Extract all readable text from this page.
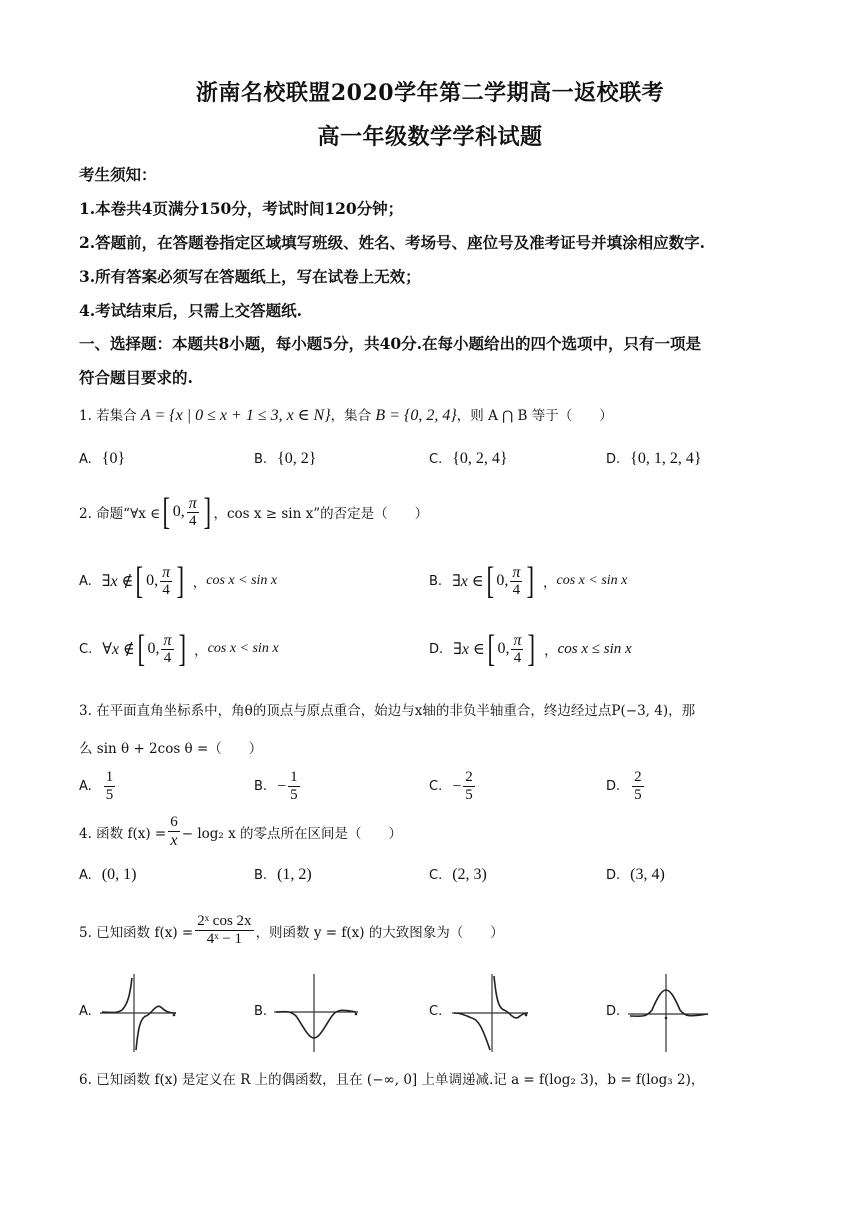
浙南名校联盟2020学年第二学期高一返校联考
高一年级数学学科试题
考生须知：
1.本卷共4页满分150分，考试时间120分钟；
2.答题前，在答题卷指定区域填写班级、姓名、考场号、座位号及准考证号并填涂相应数字.
3.所有答案必须写在答题纸上，写在试卷上无效；
4.考试结束后，只需上交答题纸.
一、选择题：本题共8小题，每小题5分，共40分.在每小题给出的四个选项中，只有一项是
符合题目要求的.
1. 若集合 A = {x | 0 ≤ x + 1 ≤ 3, x ∈ N}，集合 B = {0, 2, 4}，则 A ⋂ B 等于（　　）
A. {0}	B. {0, 2}	C. {0, 2, 4}	D. {0, 1, 2, 4}
2. 命题“∀x ∈ [ 0, $\frac{\pi}{4}$ ] ，cos x ≥ sin x”的否定是（　　）
A. ∃x ∉ [ 0, $\frac{\pi}{4}$ ] ， cos x < sin x	B. ∃x ∈ [ 0, $\frac{\pi}{4}$ ] ， cos x < sin x
C. ∀x ∉ [ 0, $\frac{\pi}{4}$ ] ， cos x < sin x	D. ∃x ∈ [ 0, $\frac{\pi}{4}$ ] ， cos x ≤ sin x
3. 在平面直角坐标系中，角θ的顶点与原点重合，始边与x轴的非负半轴重合，终边经过点P(−3, 4)，那
么 sin θ + 2cos θ =（　　）
A. $\frac{1}{5}$	B. − $\frac{1}{5}$	C. − $\frac{2}{5}$	D. $\frac{2}{5}$
4. 函数 $f(x) = \frac{6}{x} - \log_2$ x 的零点所在区间是（　　）
A. (0, 1)	B. (1, 2)	C. (2, 3)	D. (3, 4)
5. 已知函数 $f(x) = \frac{\text{2ˣ cos 2x}}{\text{4ˣ − 1}}$ ，则函数 y = f(x) 的大致图象为（　　）
A.	B.	C.	D.
6. 已知函数 f(x) 是定义在 R 上的偶函数，且在 (−∞, 0] 上单调递减.记 a = f(log₂ 3)，b = f(log₃ 2)，
